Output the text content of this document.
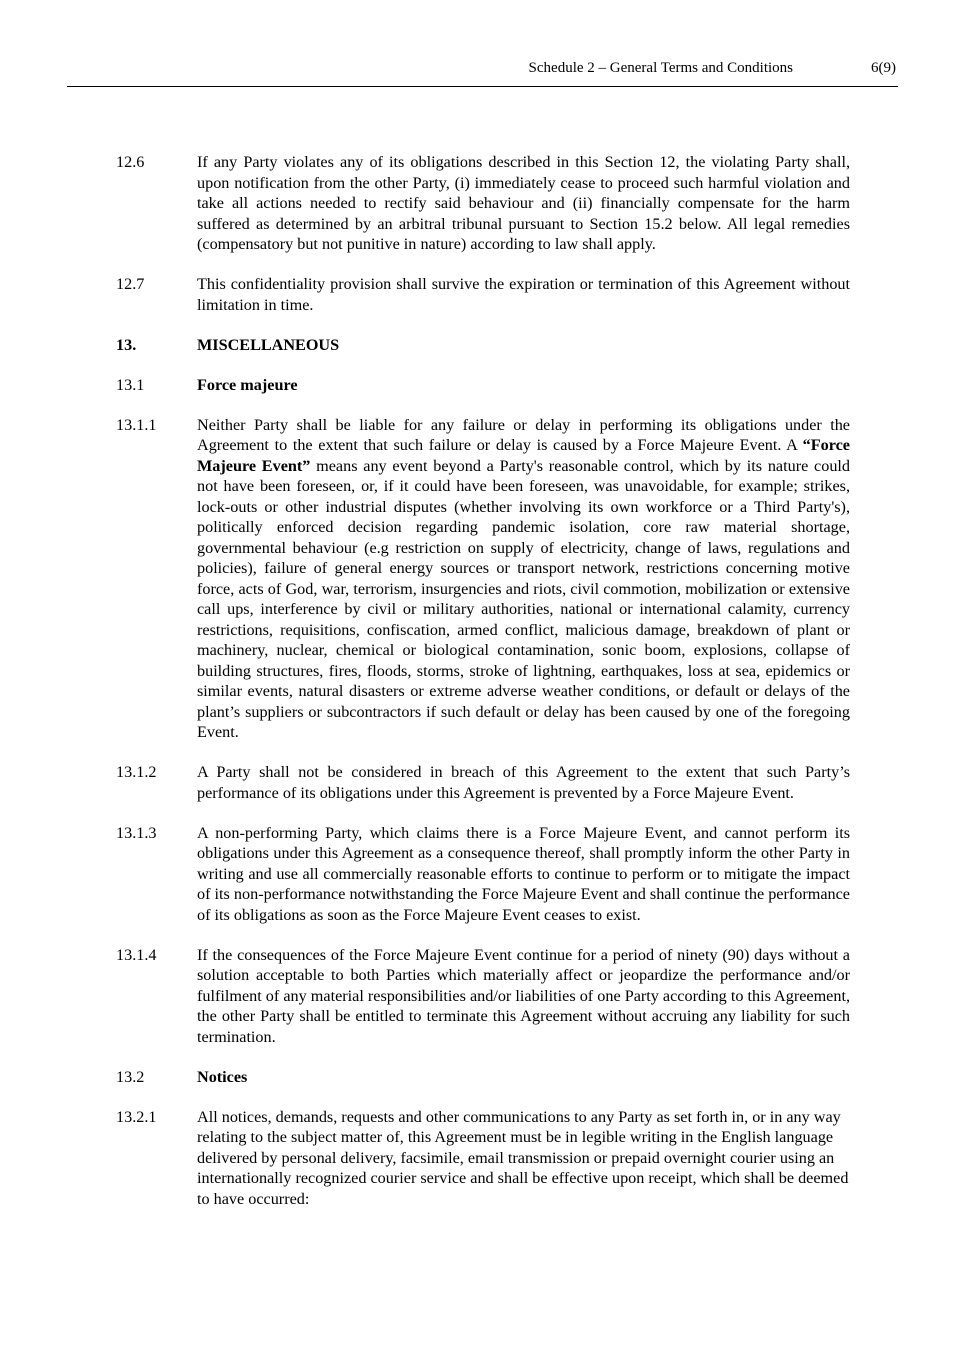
Schedule 2 – General Terms and Conditions	6(9)
12.6	If any Party violates any of its obligations described in this Section 12, the violating Party shall, upon notification from the other Party, (i) immediately cease to proceed such harmful violation and take all actions needed to rectify said behaviour and (ii) financially compensate for the harm suffered as determined by an arbitral tribunal pursuant to Section 15.2 below. All legal remedies (compensatory but not punitive in nature) according to law shall apply.
12.7	This confidentiality provision shall survive the expiration or termination of this Agreement without limitation in time.
13.	MISCELLANEOUS
13.1	Force majeure
13.1.1	Neither Party shall be liable for any failure or delay in performing its obligations under the Agreement to the extent that such failure or delay is caused by a Force Majeure Event. A “Force Majeure Event” means any event beyond a Party's reasonable control, which by its nature could not have been foreseen, or, if it could have been foreseen, was unavoidable, for example; strikes, lock-outs or other industrial disputes (whether involving its own workforce or a Third Party's), politically enforced decision regarding pandemic isolation, core raw material shortage, governmental behaviour (e.g restriction on supply of electricity, change of laws, regulations and policies), failure of general energy sources or transport network, restrictions concerning motive force, acts of God, war, terrorism, insurgencies and riots, civil commotion, mobilization or extensive call ups, interference by civil or military authorities, national or international calamity, currency restrictions, requisitions, confiscation, armed conflict, malicious damage, breakdown of plant or machinery, nuclear, chemical or biological contamination, sonic boom, explosions, collapse of building structures, fires, floods, storms, stroke of lightning, earthquakes, loss at sea, epidemics or similar events, natural disasters or extreme adverse weather conditions, or default or delays of the plant’s suppliers or subcontractors if such default or delay has been caused by one of the foregoing Event.
13.1.2	A Party shall not be considered in breach of this Agreement to the extent that such Party’s performance of its obligations under this Agreement is prevented by a Force Majeure Event.
13.1.3	A non-performing Party, which claims there is a Force Majeure Event, and cannot perform its obligations under this Agreement as a consequence thereof, shall promptly inform the other Party in writing and use all commercially reasonable efforts to continue to perform or to mitigate the impact of its non-performance notwithstanding the Force Majeure Event and shall continue the performance of its obligations as soon as the Force Majeure Event ceases to exist.
13.1.4	If the consequences of the Force Majeure Event continue for a period of ninety (90) days without a solution acceptable to both Parties which materially affect or jeopardize the performance and/or fulfilment of any material responsibilities and/or liabilities of one Party according to this Agreement, the other Party shall be entitled to terminate this Agreement without accruing any liability for such termination.
13.2	Notices
13.2.1	All notices, demands, requests and other communications to any Party as set forth in, or in any way relating to the subject matter of, this Agreement must be in legible writing in the English language delivered by personal delivery, facsimile, email transmission or prepaid overnight courier using an internationally recognized courier service and shall be effective upon receipt, which shall be deemed to have occurred:
